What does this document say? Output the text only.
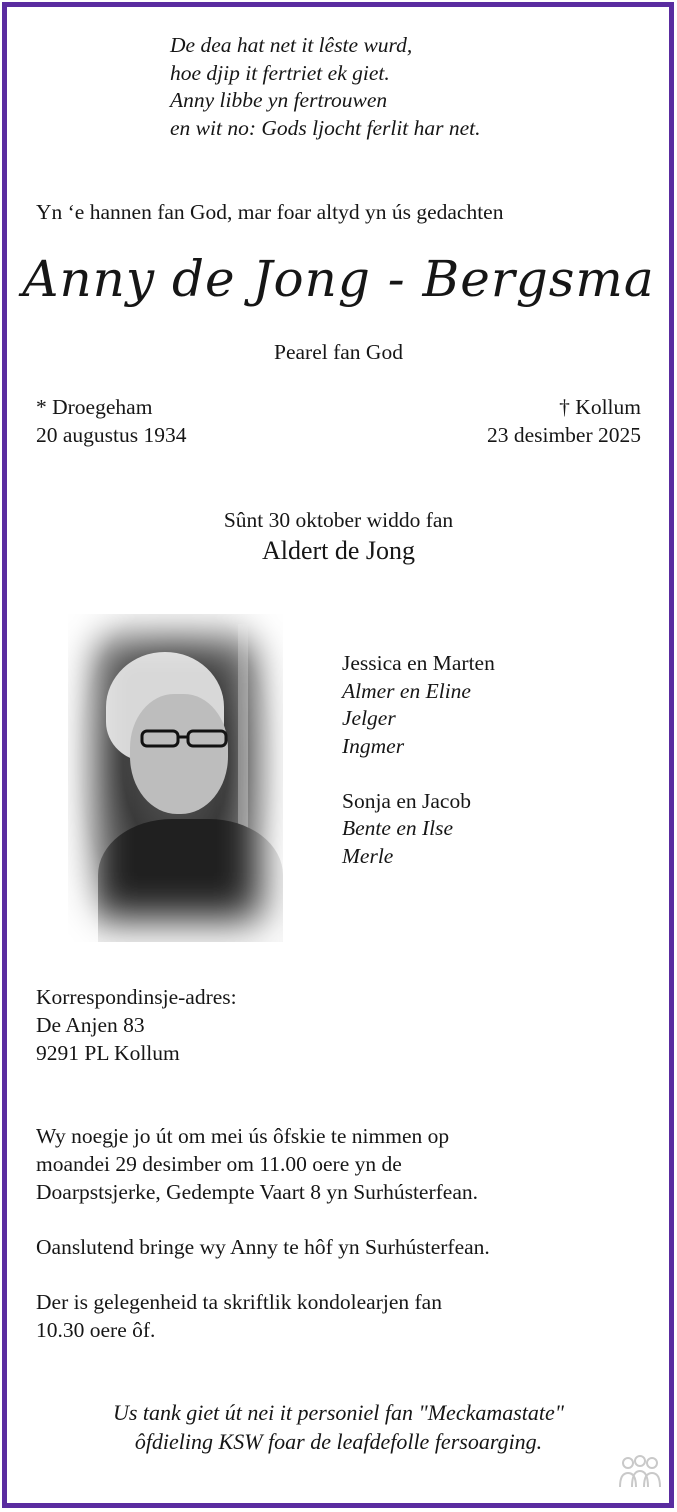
De dea hat net it lêste wurd,
hoe djip it fertriet ek giet.
Anny libbe yn fertrouwen
en wit no: Gods ljocht ferlit har net.
Yn ‘e hannen fan God, mar foar altyd yn ús gedachten
Anny de Jong - Bergsma
Pearel fan God
* Droegeham
20 augustus 1934
† Kollum
23 desimber 2025
Sûnt 30 oktober widdo fan
Aldert de Jong
Jessica en Marten
Almer en Eline
Jelger
Ingmer
Sonja en Jacob
Bente en Ilse
Merle
Korrespondinsje-adres:
De Anjen 83
9291 PL Kollum
Wy noegje jo út om mei ús ôfskie te nimmen op
moandei 29 desimber om 11.00 oere yn de
Doarpstsjerke, Gedempte Vaart 8 yn Surhústerfean.
Oanslutend bringe wy Anny te hôf yn Surhústerfean.
Der is gelegenheid ta skriftlik kondolearjen fan
10.30 oere ôf.
Us tank giet út nei it personiel fan "Meckamastate"
ôfdieling KSW foar de leafdefolle fersoarging.
